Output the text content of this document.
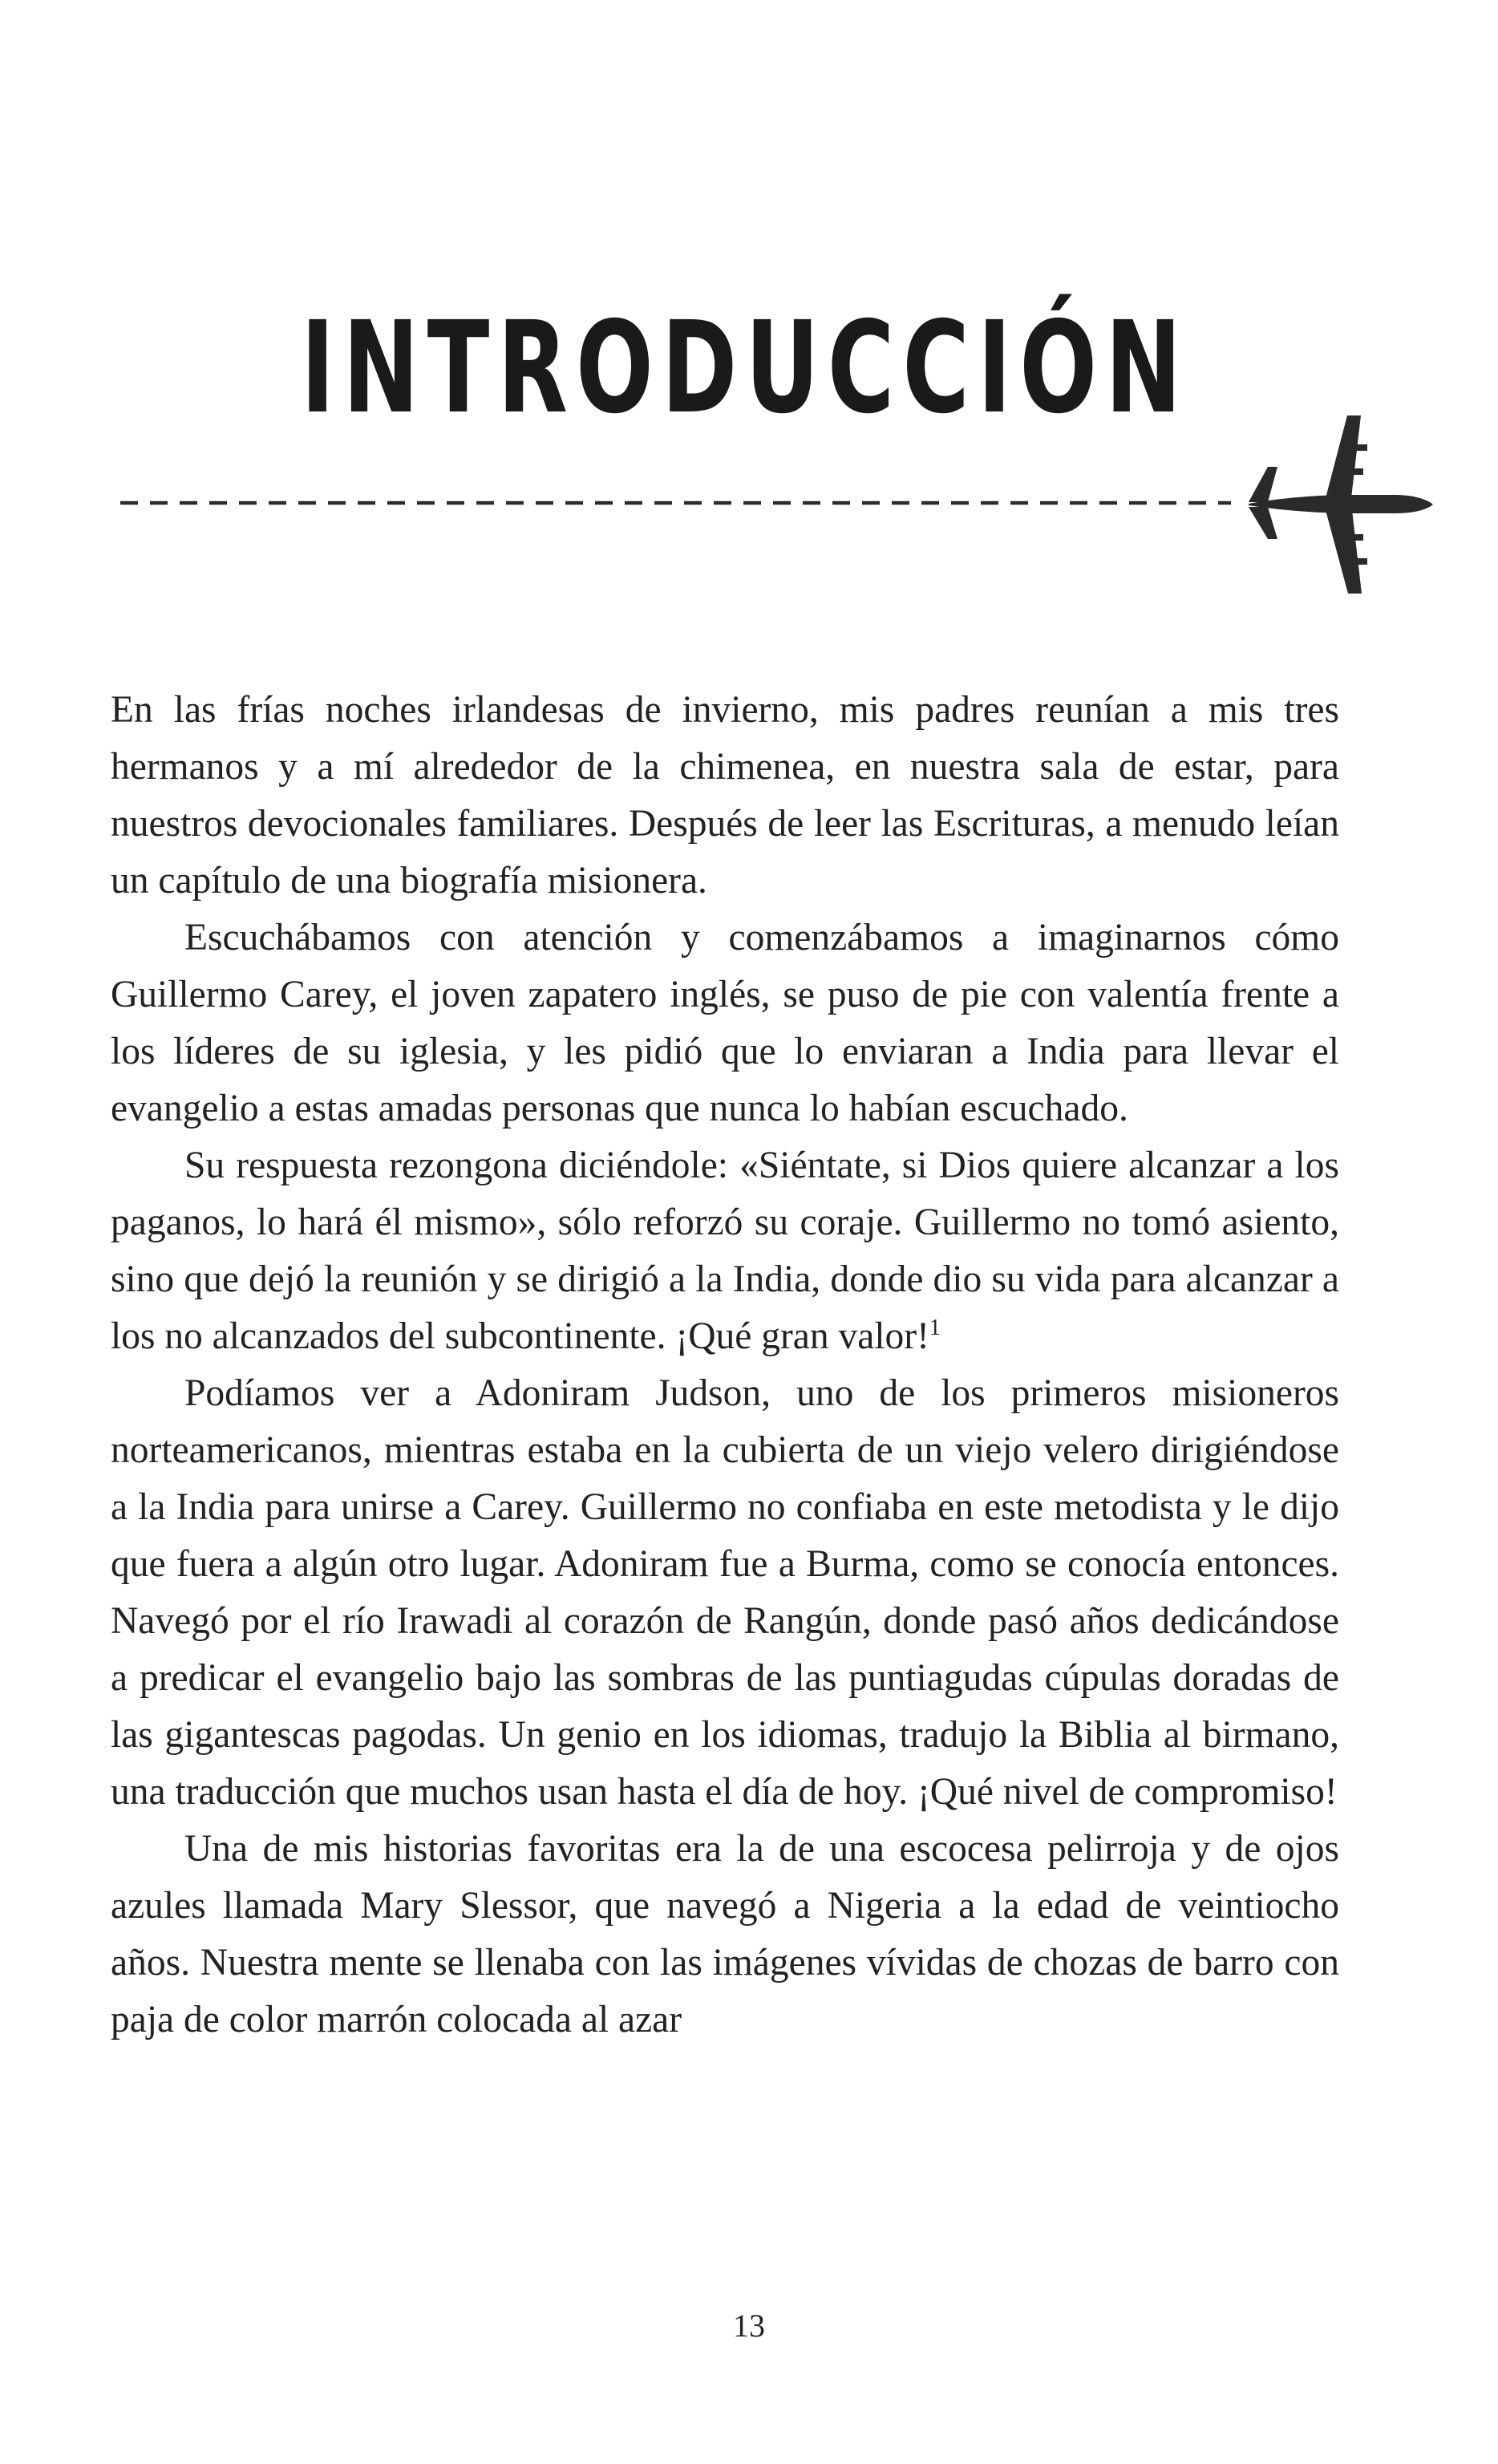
INTRODUCCIÓN

En las frías noches irlandesas de invierno, mis padres reunían a mis tres hermanos y a mí alrededor de la chimenea, en nuestra sala de estar, para nuestros devocionales familiares. Después de leer las Escrituras, a menudo leían un capítulo de una biografía misionera.

Escuchábamos con atención y comenzábamos a imaginarnos cómo Guillermo Carey, el joven zapatero inglés, se puso de pie con valentía frente a los líderes de su iglesia, y les pidió que lo enviaran a India para llevar el evangelio a estas amadas personas que nunca lo habían escuchado.

Su respuesta rezongona diciéndole: «Siéntate, si Dios quiere alcanzar a los paganos, lo hará él mismo», sólo reforzó su coraje. Guillermo no tomó asiento, sino que dejó la reunión y se dirigió a la India, donde dio su vida para alcanzar a los no alcanzados del subcontinente. ¡Qué gran valor!$^1$

Podíamos ver a Adoniram Judson, uno de los primeros misioneros norteamericanos, mientras estaba en la cubierta de un viejo velero dirigiéndose a la India para unirse a Carey. Guillermo no confiaba en este metodista y le dijo que fuera a algún otro lugar. Adoniram fue a Burma, como se conocía entonces. Navegó por el río Irawadi al corazón de Rangún, donde pasó años dedicándose a predicar el evangelio bajo las sombras de las puntiagudas cúpulas doradas de las gigantescas pagodas. Un genio en los idiomas, tradujo la Biblia al birmano, una traducción que muchos usan hasta el día de hoy. ¡Qué nivel de compromiso!

Una de mis historias favoritas era la de una escocesa pelirroja y de ojos azules llamada Mary Slessor, que navegó a Nigeria a la edad de veintiocho años. Nuestra mente se llenaba con las imágenes vívidas de chozas de barro con paja de color marrón colocada al azar

13
